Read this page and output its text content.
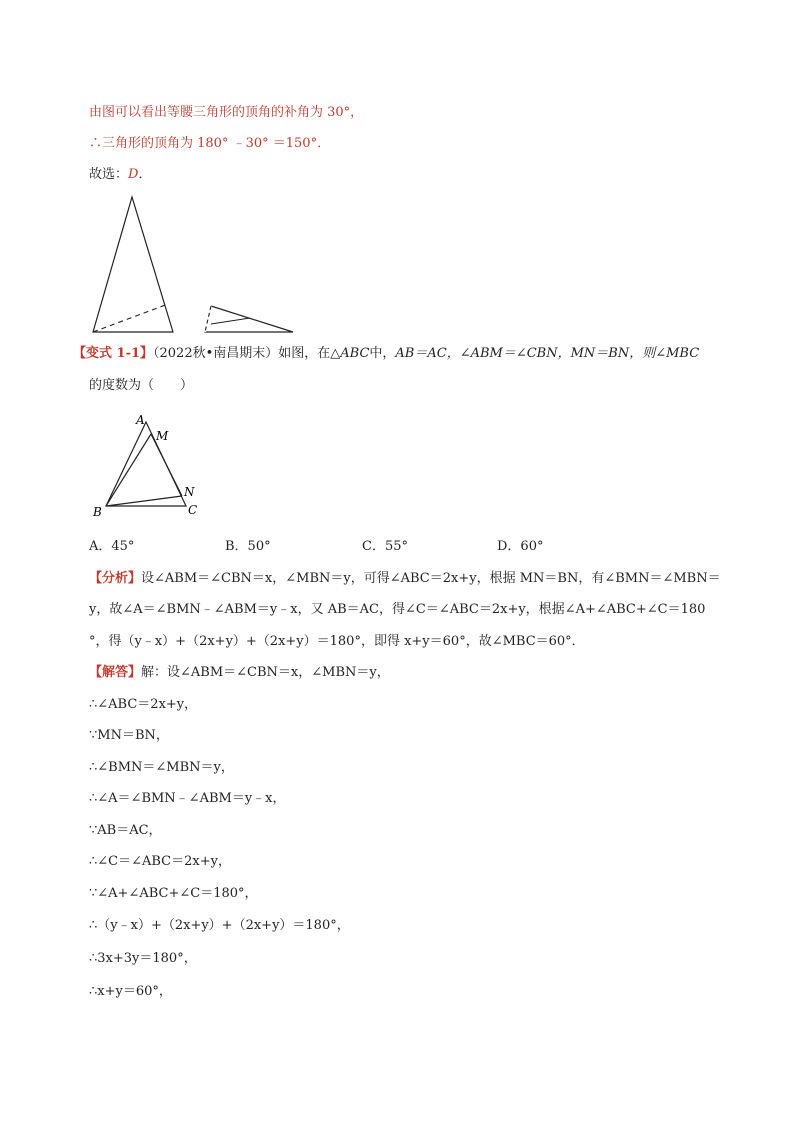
由图可以看出等腰三角形的顶角的补角为 30°，
∴三角形的顶角为 180° ﹣30° ＝150°．
故选：D．
【变式 1-1】（2022秋•南昌期末）如图，在△ABC中，AB＝AC，∠ABM＝∠CBN，MN＝BN，则∠MBC
的度数为（　　）
A
M
N
B	C
A．45°	B．50°	C．55°	D．60°
【分析】设∠ABM＝∠CBN＝x，∠MBN＝y，可得∠ABC＝2x+y，根据 MN＝BN，有∠BMN＝∠MBN＝
y，故∠A＝∠BMN﹣∠ABM＝y﹣x，又 AB＝AC，得∠C＝∠ABC＝2x+y，根据∠A+∠ABC+∠C＝180
°，得（y﹣x）+（2x+y）+（2x+y）＝180°，即得 x+y＝60°，故∠MBC＝60°．
【解答】解：设∠ABM＝∠CBN＝x，∠MBN＝y，
∴∠ABC＝2x+y，
∵MN＝BN，
∴∠BMN＝∠MBN＝y，
∴∠A＝∠BMN﹣∠ABM＝y﹣x，
∵AB＝AC，
∴∠C＝∠ABC＝2x+y，
∵∠A+∠ABC+∠C＝180°，
∴（y﹣x）+（2x+y）+（2x+y）＝180°，
∴3x+3y＝180°，
∴x+y＝60°，
